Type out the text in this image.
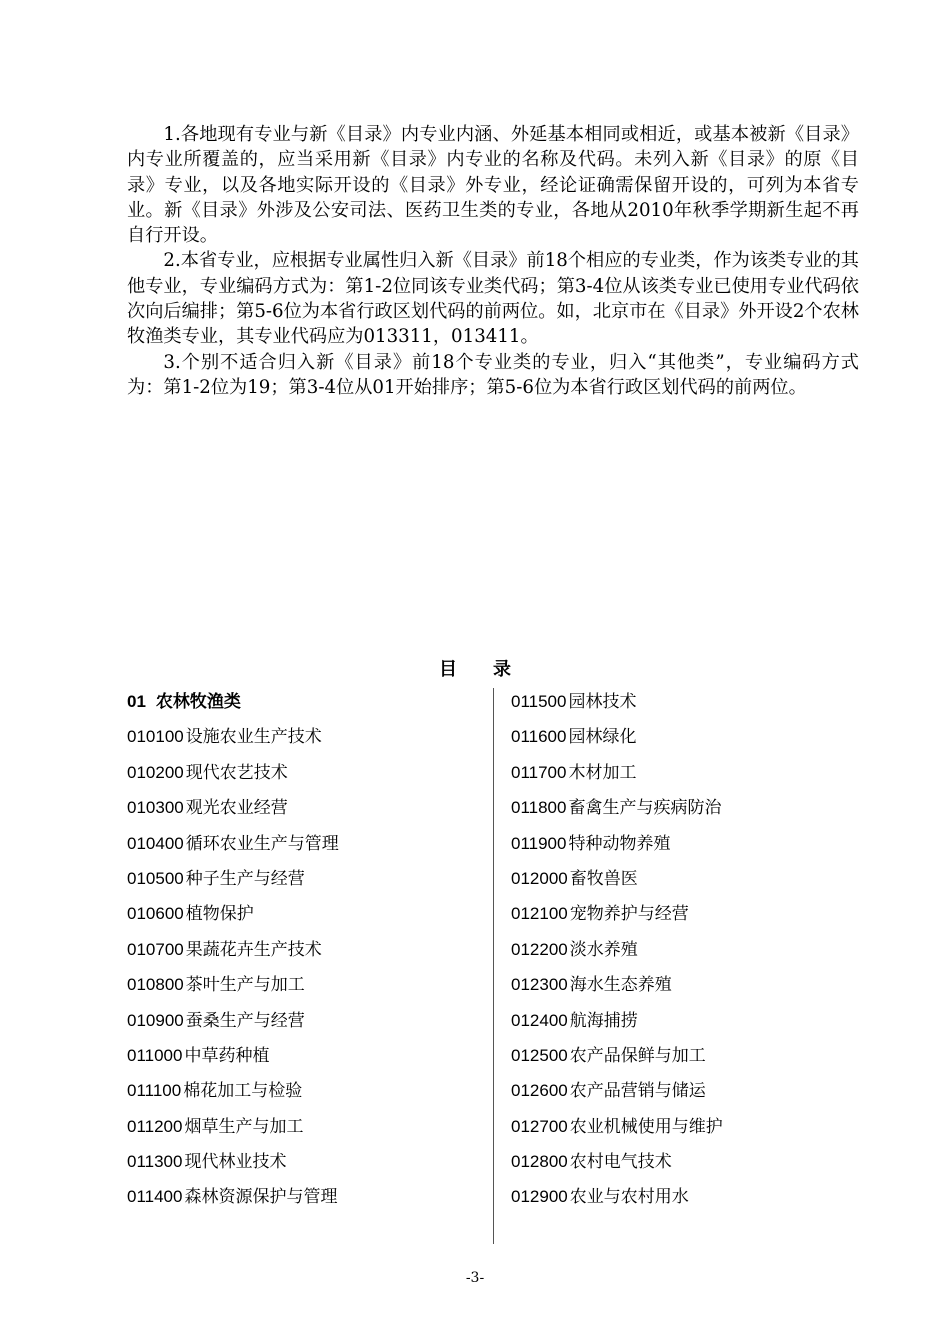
1.各地现有专业与新《目录》内专业内涵、外延基本相同或相近，或基本被新《目录》内专业所覆盖的，应当采用新《目录》内专业的名称及代码。未列入新《目录》的原《目录》专业，以及各地实际开设的《目录》外专业，经论证确需保留开设的，可列为本省专业。新《目录》外涉及公安司法、医药卫生类的专业，各地从2010年秋季学期新生起不再自行开设。

2.本省专业，应根据专业属性归入新《目录》前18个相应的专业类，作为该类专业的其他专业，专业编码方式为：第1-2位同该专业类代码；第3-4位从该类专业已使用专业代码依次向后编排；第5-6位为本省行政区划代码的前两位。如，北京市在《目录》外开设2个农林牧渔类专业，其专业代码应为013311，013411。

3.个别不适合归入新《目录》前18个专业类的专业，归入“其他类”，专业编码方式为：第1-2位为19；第3-4位从01开始排序；第5-6位为本省行政区划代码的前两位。

目录
01 农林牧渔类
010100 设施农业生产技术
010200 现代农艺技术
010300 观光农业经营
010400 循环农业生产与管理
010500 种子生产与经营
010600 植物保护
010700 果蔬花卉生产技术
010800 茶叶生产与加工
010900 蚕桑生产与经营
011000 中草药种植
011100 棉花加工与检验
011200 烟草生产与加工
011300 现代林业技术
011400 森林资源保护与管理
011500 园林技术
011600 园林绿化
011700 木材加工
011800 畜禽生产与疾病防治
011900 特种动物养殖
012000 畜牧兽医
012100 宠物养护与经营
012200 淡水养殖
012300 海水生态养殖
012400 航海捕捞
012500 农产品保鲜与加工
012600 农产品营销与储运
012700 农业机械使用与维护
012800 农村电气技术
012900 农业与农村用水
-3-
